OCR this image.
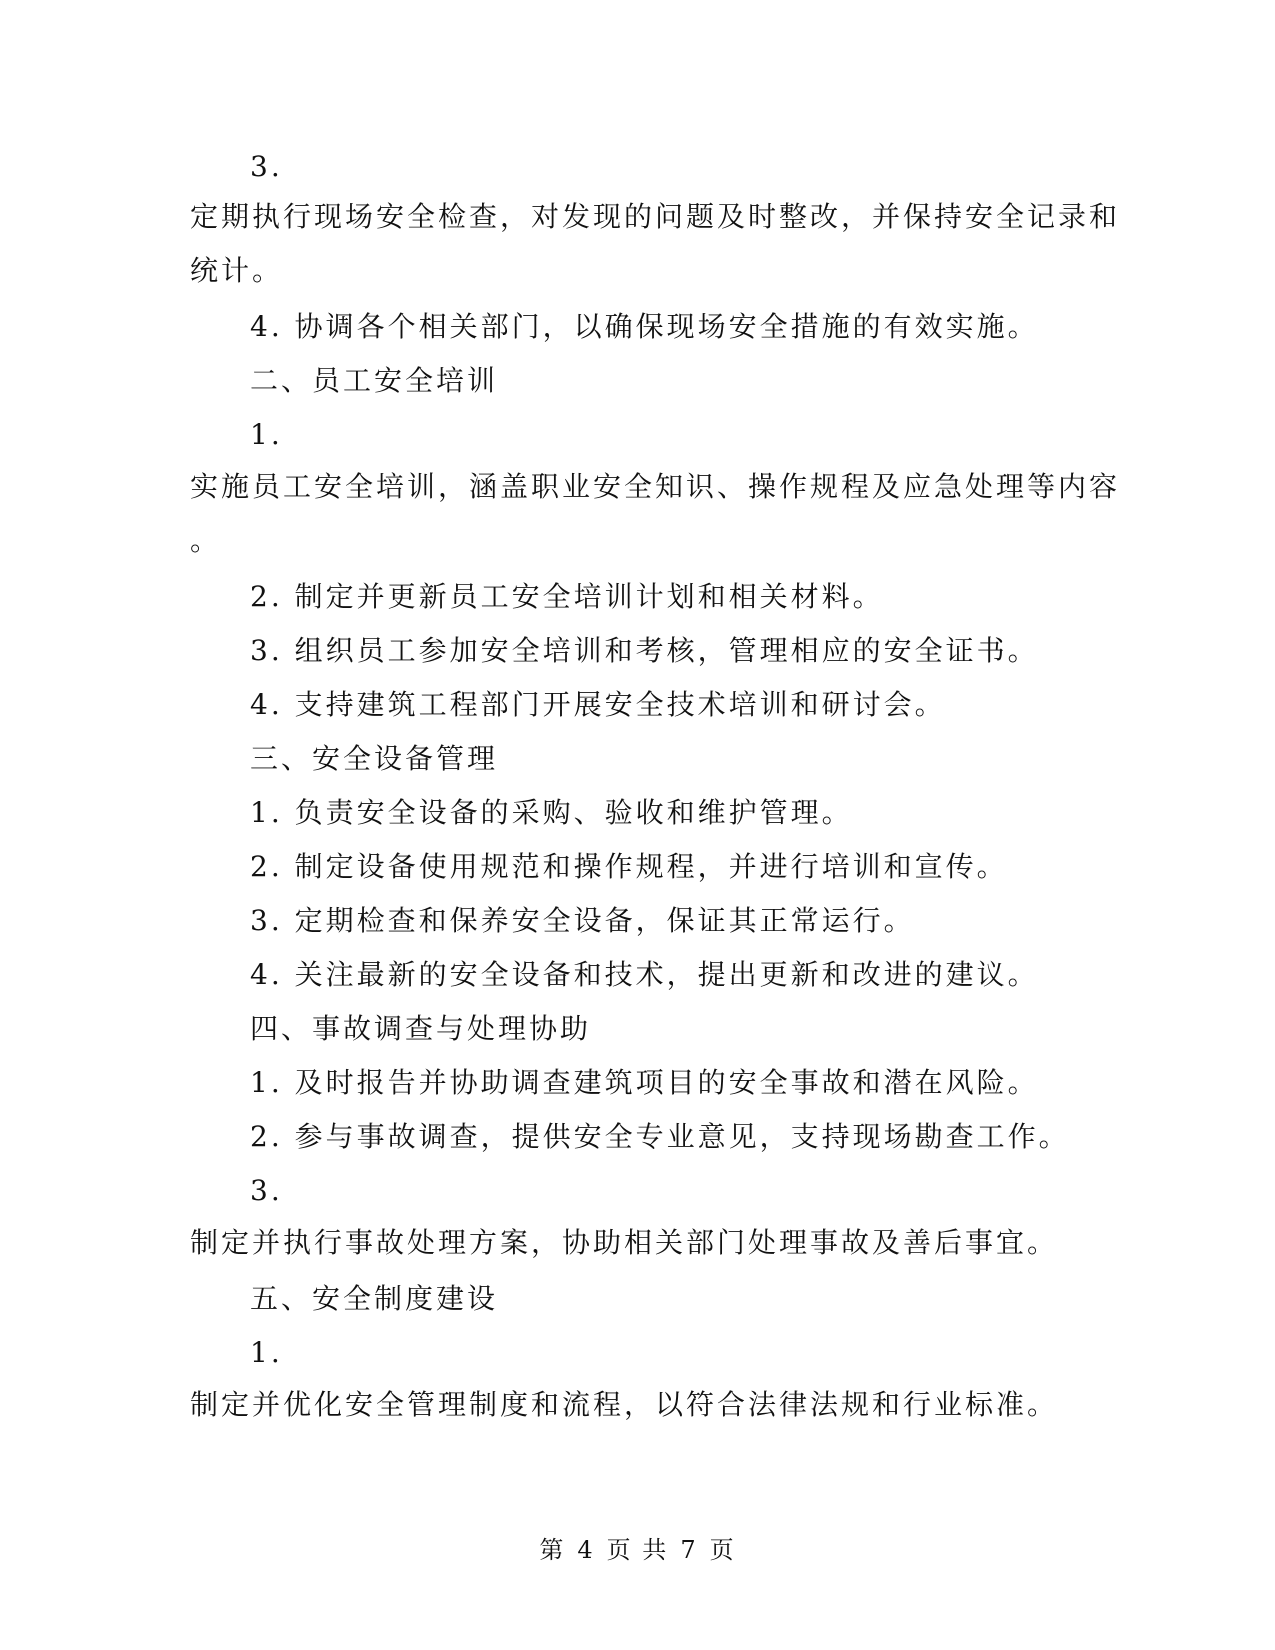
3.
定期执行现场安全检查，对发现的问题及时整改，并保持安全记录和
统计。
4. 协调各个相关部门，以确保现场安全措施的有效实施。
二、员工安全培训
1.
实施员工安全培训，涵盖职业安全知识、操作规程及应急处理等内容
。
2. 制定并更新员工安全培训计划和相关材料。
3. 组织员工参加安全培训和考核，管理相应的安全证书。
4. 支持建筑工程部门开展安全技术培训和研讨会。
三、安全设备管理
1. 负责安全设备的采购、验收和维护管理。
2. 制定设备使用规范和操作规程，并进行培训和宣传。
3. 定期检查和保养安全设备，保证其正常运行。
4. 关注最新的安全设备和技术，提出更新和改进的建议。
四、事故调查与处理协助
1. 及时报告并协助调查建筑项目的安全事故和潜在风险。
2. 参与事故调查，提供安全专业意见，支持现场勘查工作。
3.
制定并执行事故处理方案，协助相关部门处理事故及善后事宜。
五、安全制度建设
1.
制定并优化安全管理制度和流程，以符合法律法规和行业标准。
第 4 页 共 7 页
